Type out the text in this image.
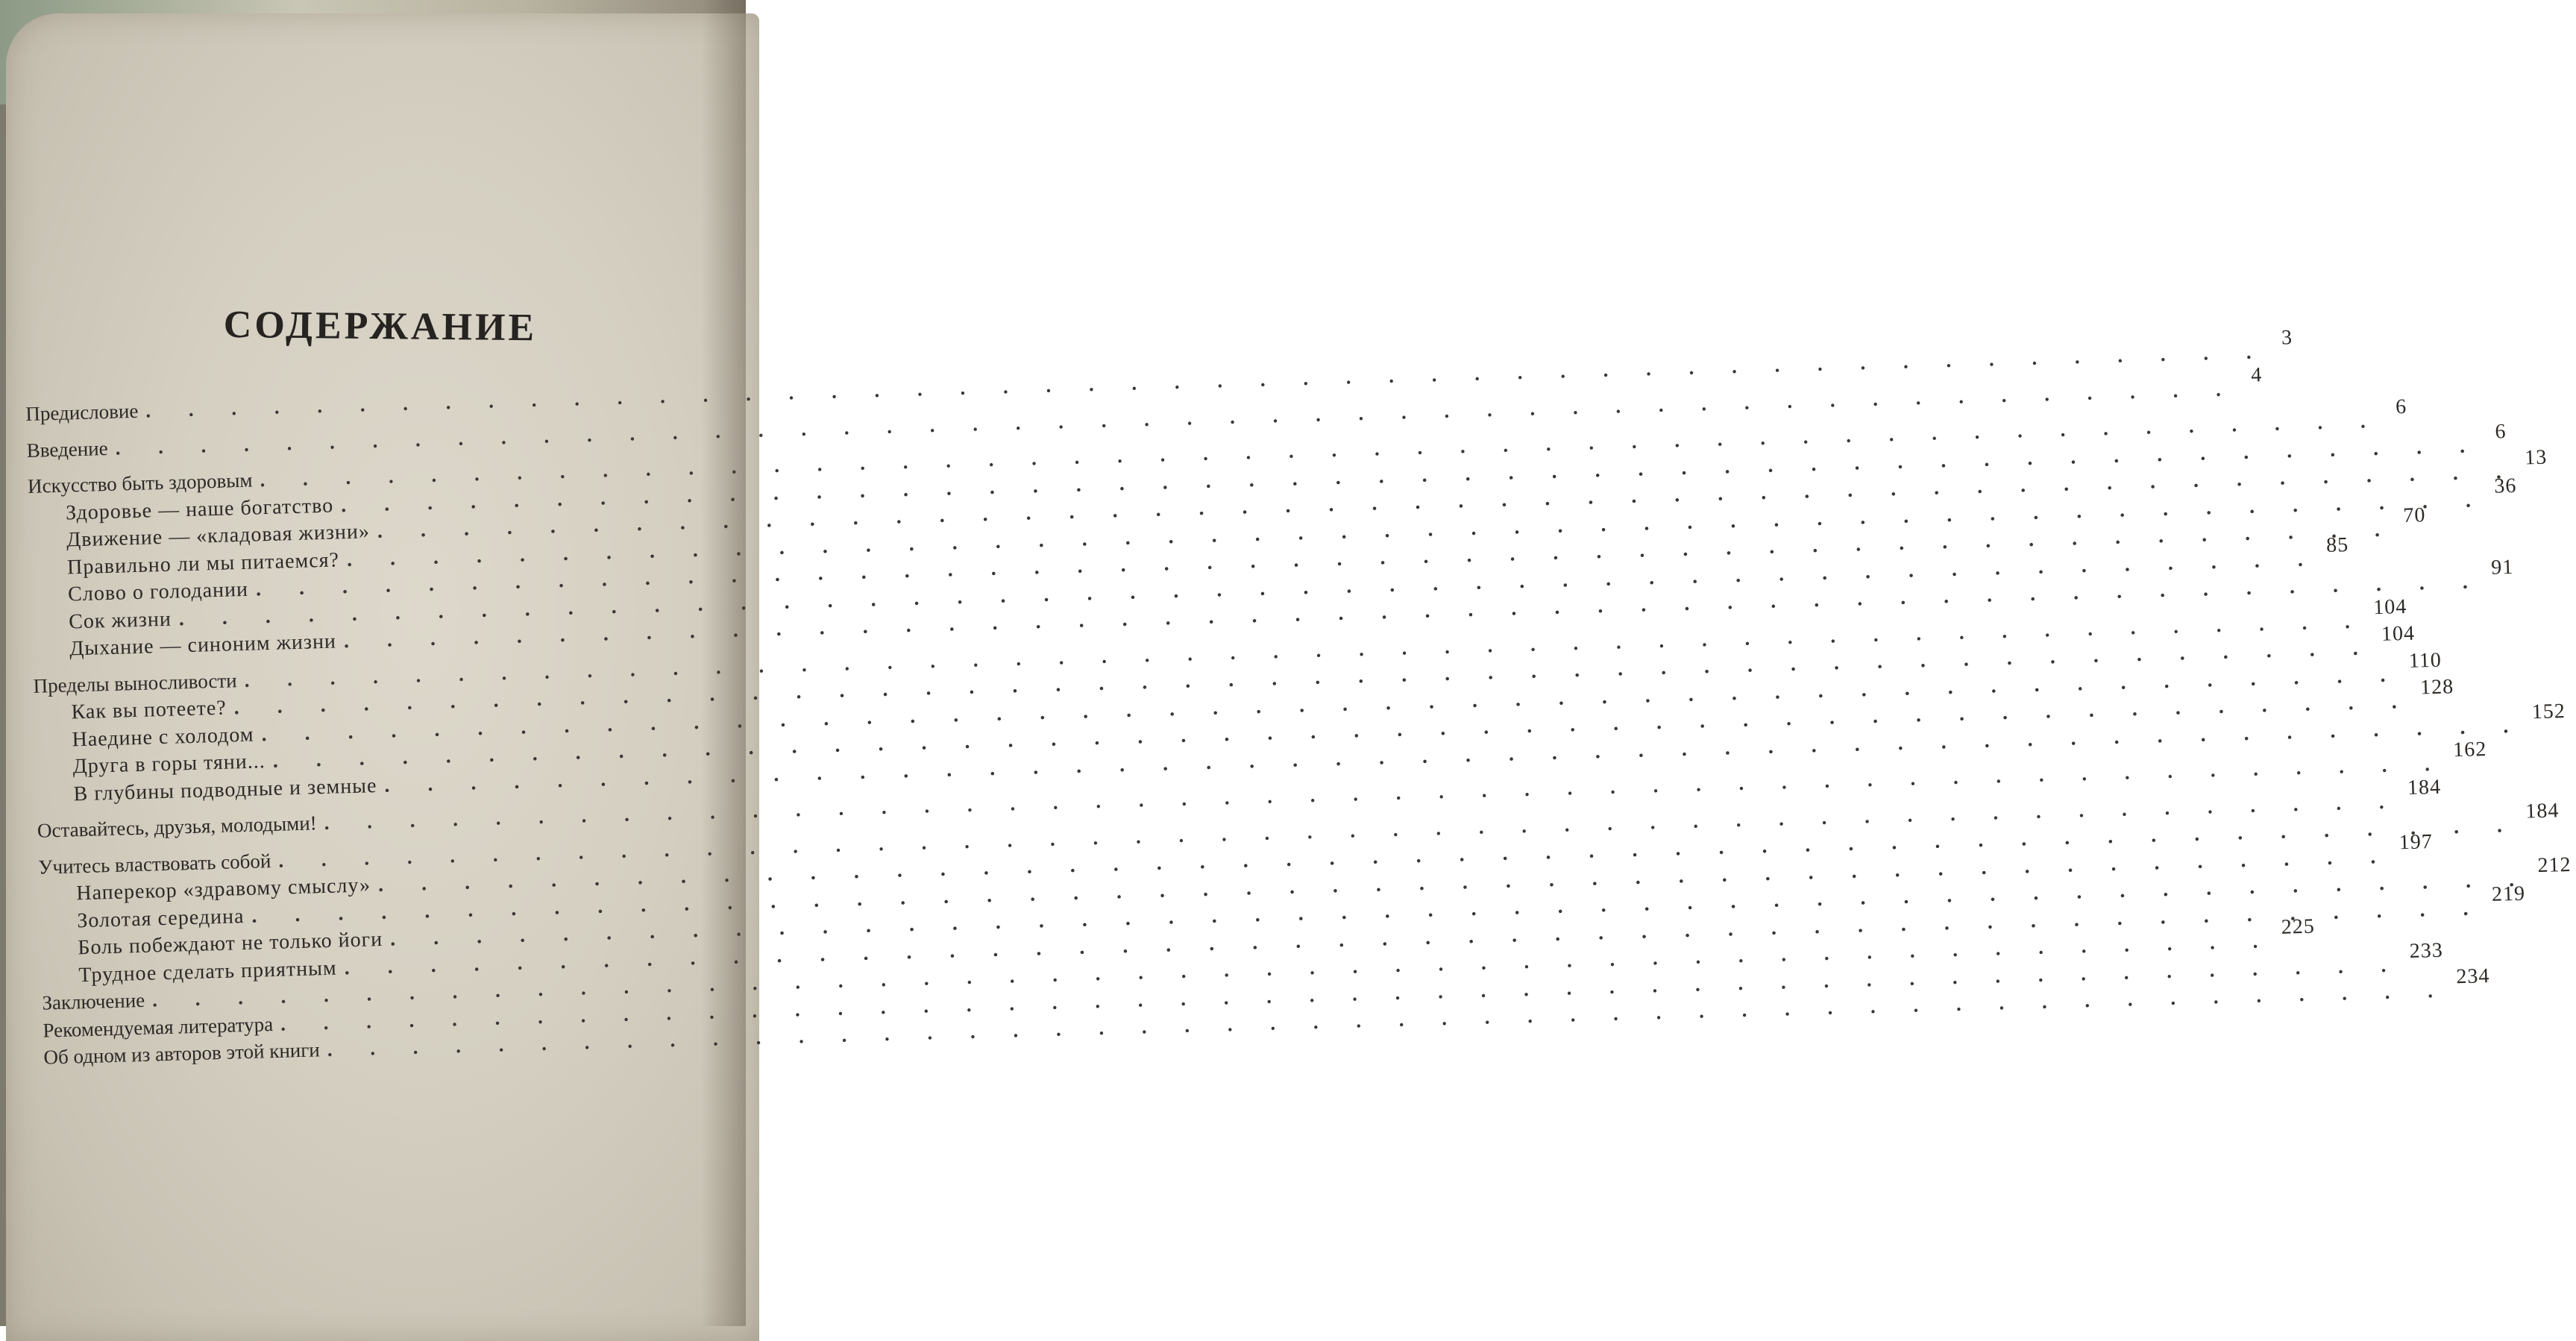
СОДЕРЖАНИЕ
Предисловие
. . .
3
Введение
. . .
4
Искусство быть здоровым
. . .
6
Здоровье — наше богатство
. . .
6
Движение — «кладовая жизни»
. . .
13
Правильно ли мы питаемся?
. . .
36
Слово о голодании
. . .
70
Сок жизни
. . .
85
Дыхание — синоним жизни
. . .
91
Пределы выносливости
. . .
104
Как вы потеете?
. . .
104
Наедине с холодом
. . .
110
Друга в горы тяни...
. . .
128
В глубины подводные и земные
. . .
152
Оставайтесь, друзья, молодыми!
. . .
162
Учитесь властвовать собой
. . .
184
Наперекор «здравому смыслу»
. . .
184
Золотая середина
. . .
197
Боль побеждают не только йоги
. . .
212
Трудное сделать приятным
. . .
219
Заключение
. . .
225
Рекомендуемая литература
. . .
233
Об одном из авторов этой книги
. . .
234
